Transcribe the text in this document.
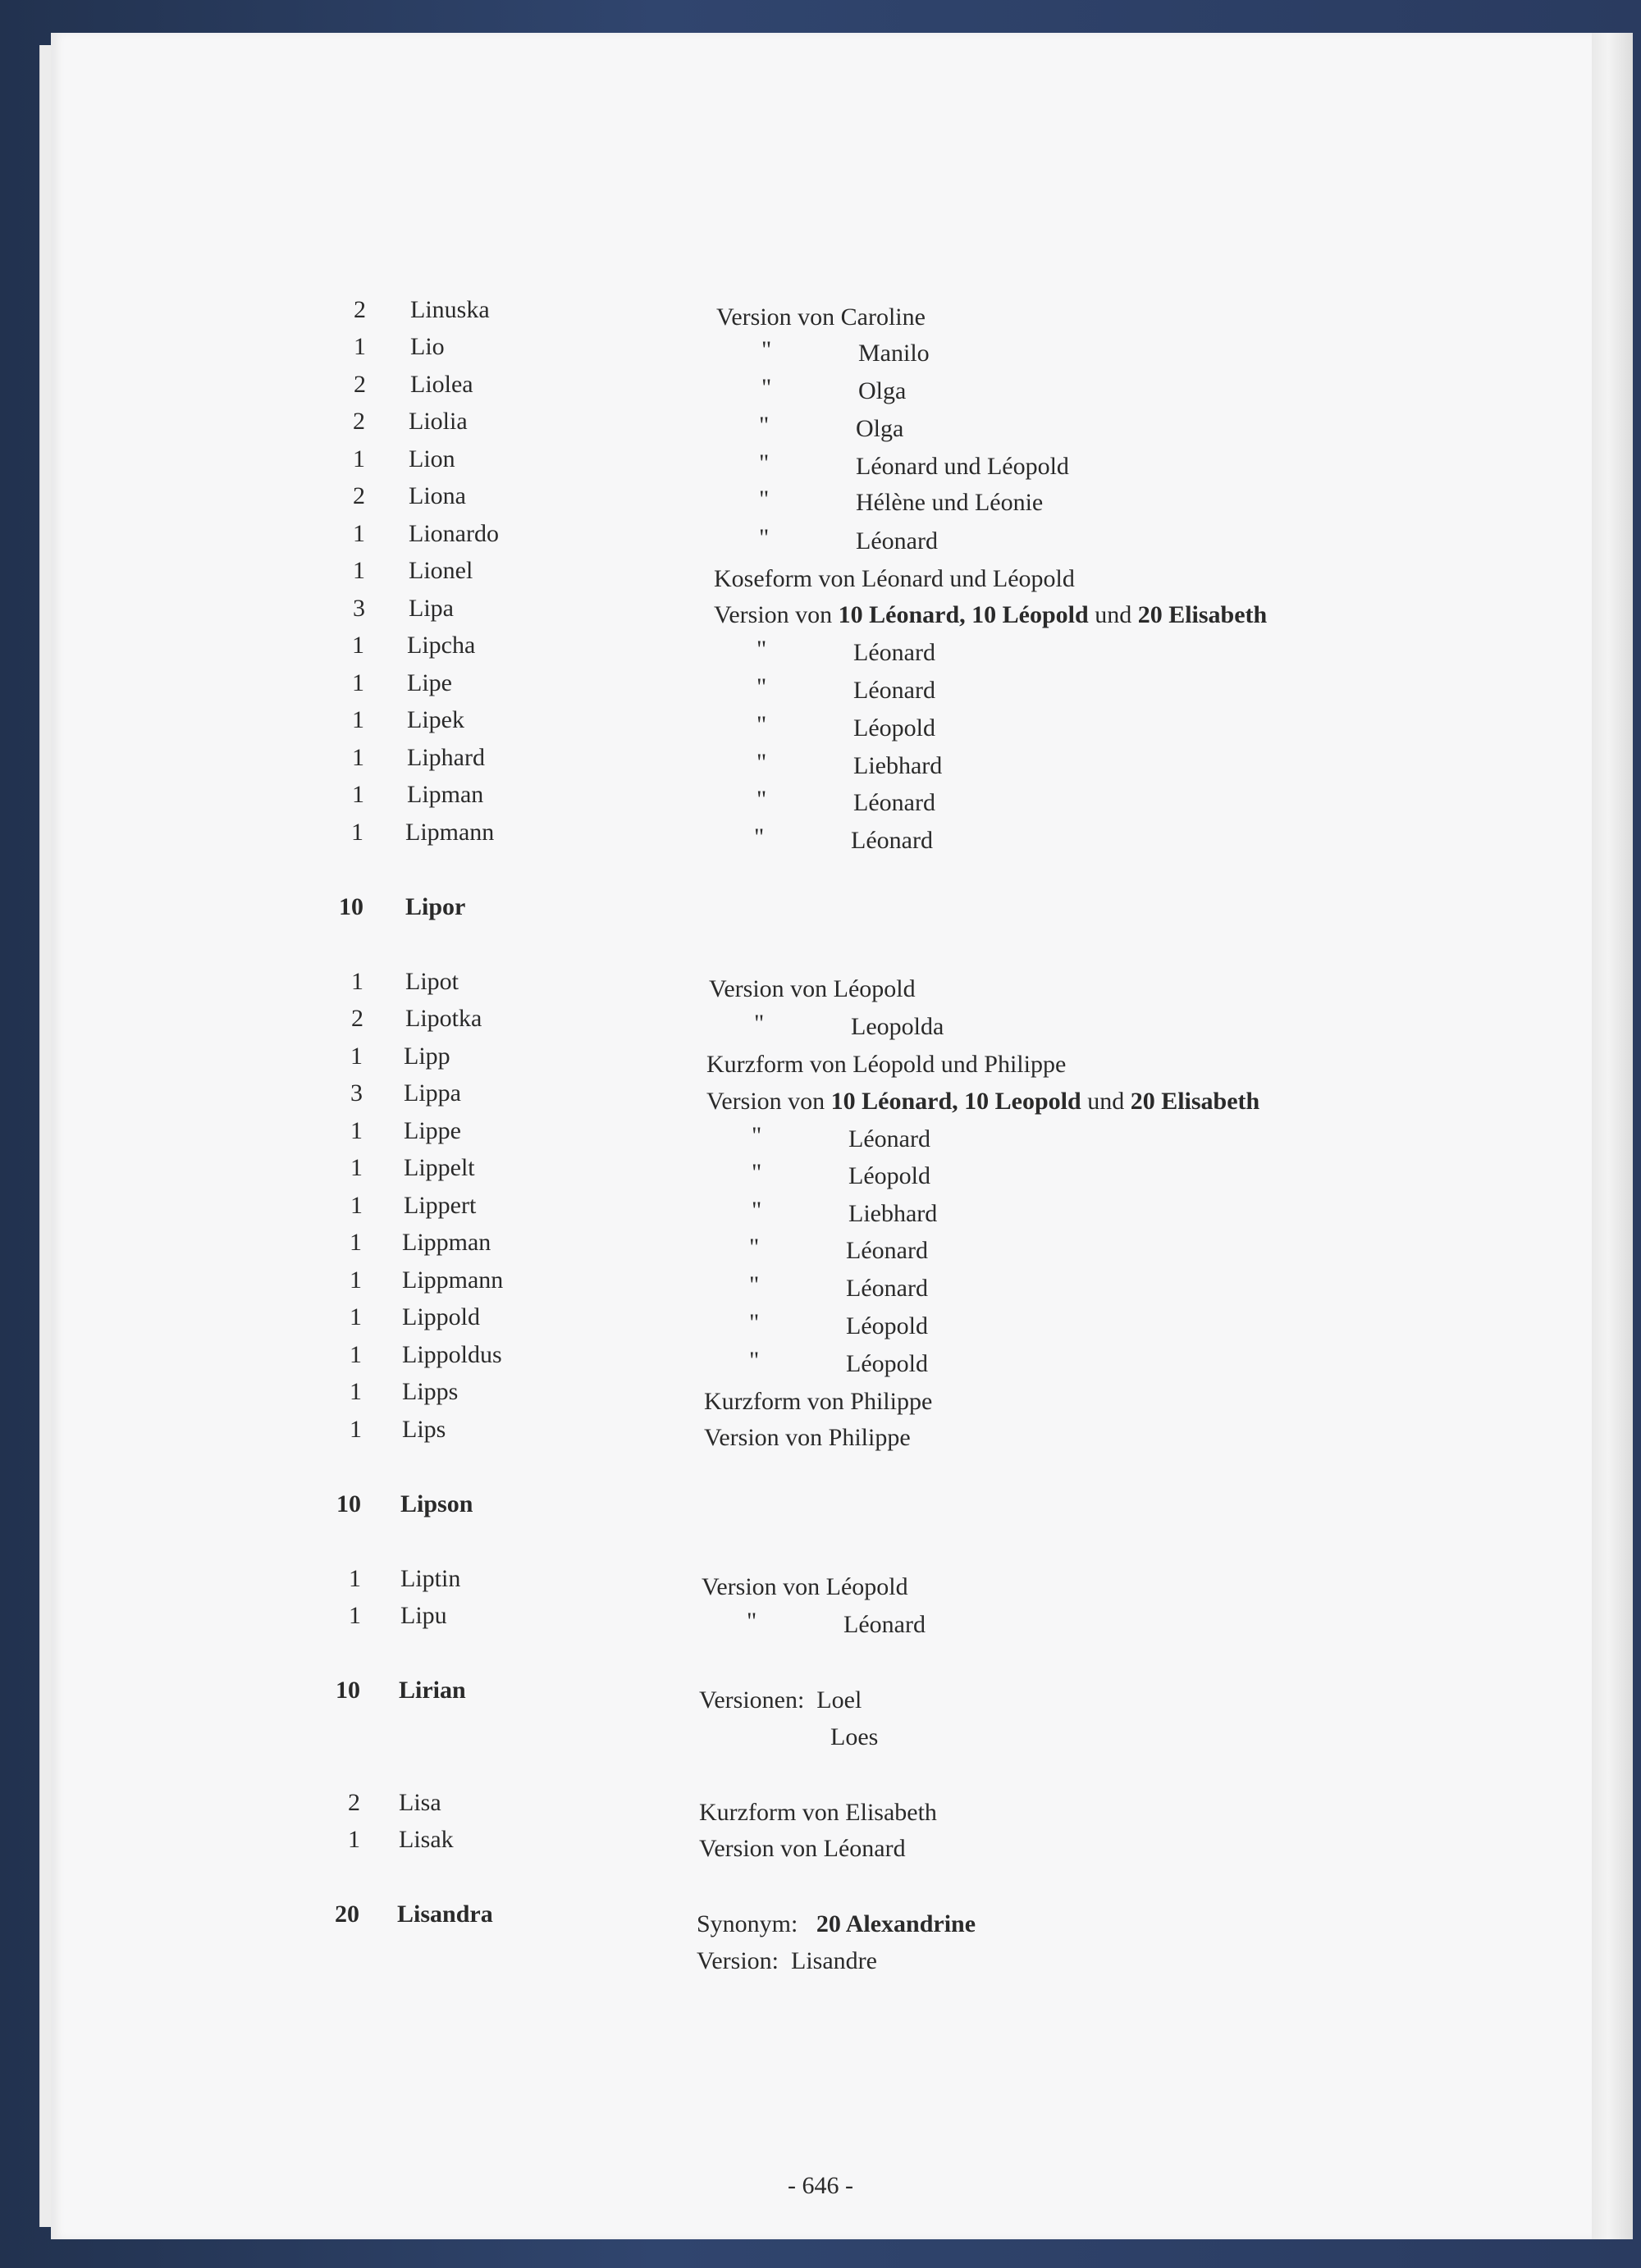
2 Linuska	Version von Caroline
1 Lio	"	Manilo
2 Liolea	"	Olga
2 Liolia	"	Olga
1 Lion	"	Léonard und Léopold
2 Liona	"	Hélène und Léonie
1 Lionardo	"	Léonard
1 Lionel	Koseform von Léonard und Léopold
3 Lipa	Version von 10 Léonard, 10 Léopold und 20 Elisabeth
1 Lipcha	"	Léonard
1 Lipe	"	Léonard
1 Lipek	"	Léopold
1 Liphard	"	Liebhard
1 Lipman	"	Léonard
1 Lipmann	"	Léonard
10 Lipor
1 Lipot	Version von Léopold
2 Lipotka	"	Leopolda
1 Lipp	Kurzform von Léopold und Philippe
3 Lippa	Version von 10 Léonard, 10 Leopold und 20 Elisabeth
1 Lippe	"	Léonard
1 Lippelt	"	Léopold
1 Lippert	"	Liebhard
1 Lippman	"	Léonard
1 Lippmann	"	Léonard
1 Lippold	"	Léopold
1 Lippoldus	"	Léopold
1 Lipps	Kurzform von Philippe
1 Lips	Version von Philippe
10 Lipson
1 Liptin	Version von Léopold
1 Lipu	"	Léonard
10 Lirian	Versionen:  Loel
Loes
2 Lisa	Kurzform von Elisabeth
1 Lisak	Version von Léonard
20 Lisandra	Synonym:   20 Alexandrine
Version:  Lisandre
- 646 -
